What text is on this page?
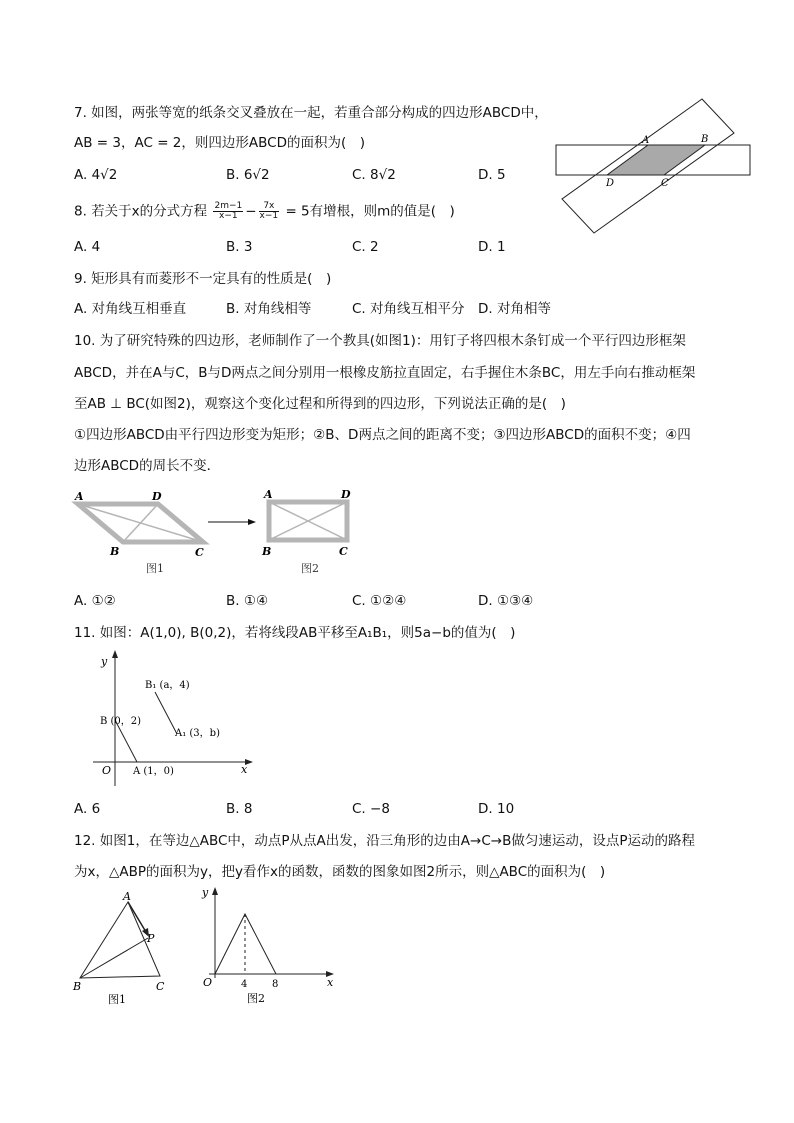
7. 如图，两张等宽的纸条交叉叠放在一起，若重合部分构成的四边形ABCD中，
AB = 3，AC = 2，则四边形ABCD的面积为(　)
A. 4√2	B. 6√2	C. 8√2	D. 5
A	B
D	C
8. 若关于x的分式方程 $\frac{2m-1}{x-1} - \frac{7x}{x-1} = 5$有增根，则m的值是(　)
A. 4	B. 3	C. 2	D. 1
9. 矩形具有而菱形不一定具有的性质是(　)
A. 对角线互相垂直	B. 对角线相等	C. 对角线互相平分 D. 对角相等
10. 为了研究特殊的四边形，老师制作了一个教具(如图1)：用钉子将四根木条钉成一个平行四边形框架
ABCD，并在A与C，B与D两点之间分别用一根橡皮筋拉直固定，右手握住木条BC，用左手向右推动框架
至AB ⊥ BC(如图2)，观察这个变化过程和所得到的四边形，下列说法正确的是(　)
①四边形ABCD由平行四边形变为矩形；②B、D两点之间的距离不变；③四边形ABCD的面积不变；④四
边形ABCD的周长不变．
A	D
B	C
图1
A	D
B	C
图2
A. ①②	B. ①④	C. ①②④	D. ①③④
11. 如图：A(1,0), B(0,2)，若将线段AB平移至A₁B₁，则5a−b的值为(　)
y
x
O
B₁ (a，4)
B (0，2)
A₁ (3，b)
A (1，0)
A. 6	B. 8	C. −8	D. 10
12. 如图1，在等边△ABC中，动点P从点A出发，沿三角形的边由A→C→B做匀速运动，设点P运动的路程
为x，△ABP的面积为y，把y看作x的函数，函数的图象如图2所示，则△ABC的面积为(　)
A
P
B	C
图1
y
O	4 8	x
图2
